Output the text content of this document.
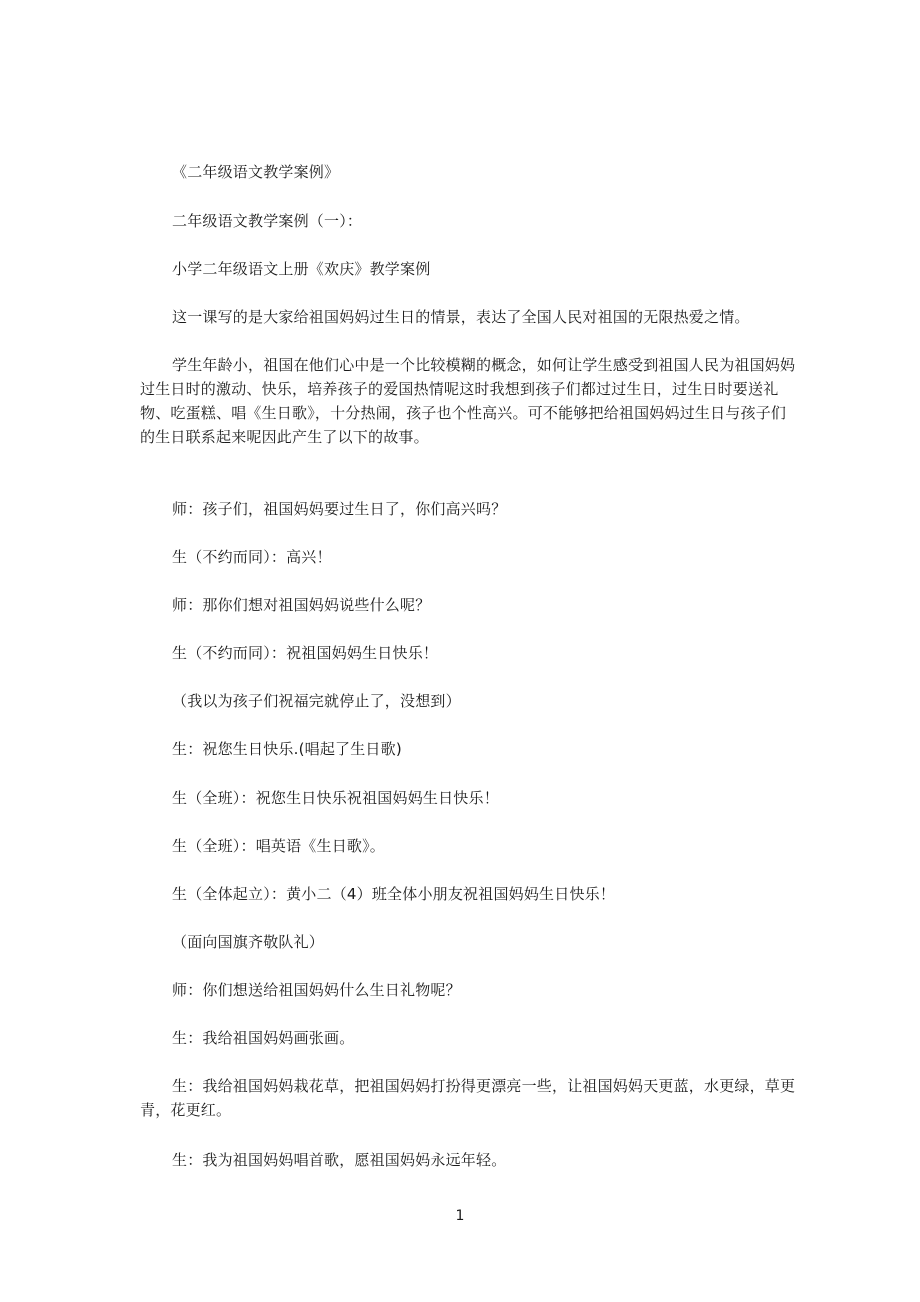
《二年级语文教学案例》

二年级语文教学案例（一）：

小学二年级语文上册《欢庆》教学案例

这一课写的是大家给祖国妈妈过生日的情景，表达了全国人民对祖国的无限热爱之情。

学生年龄小，祖国在他们心中是一个比较模糊的概念，如何让学生感受到祖国人民为祖国妈妈过生日时的激动、快乐，培养孩子的爱国热情呢这时我想到孩子们都过过生日，过生日时要送礼物、吃蛋糕、唱《生日歌》，十分热闹，孩子也个性高兴。可不能够把给祖国妈妈过生日与孩子们的生日联系起来呢因此产生了以下的故事。

师：孩子们，祖国妈妈要过生日了，你们高兴吗？

生（不约而同）：高兴！

师：那你们想对祖国妈妈说些什么呢？

生（不约而同）：祝祖国妈妈生日快乐！

（我以为孩子们祝福完就停止了，没想到）

生：祝您生日快乐.(唱起了生日歌)

生（全班）：祝您生日快乐祝祖国妈妈生日快乐！

生（全班）：唱英语《生日歌》。

生（全体起立）：黄小二（4）班全体小朋友祝祖国妈妈生日快乐！

（面向国旗齐敬队礼）

师：你们想送给祖国妈妈什么生日礼物呢？

生：我给祖国妈妈画张画。

生：我给祖国妈妈栽花草，把祖国妈妈打扮得更漂亮一些，让祖国妈妈天更蓝，水更绿，草更青，花更红。

生：我为祖国妈妈唱首歌，愿祖国妈妈永远年轻。

1
